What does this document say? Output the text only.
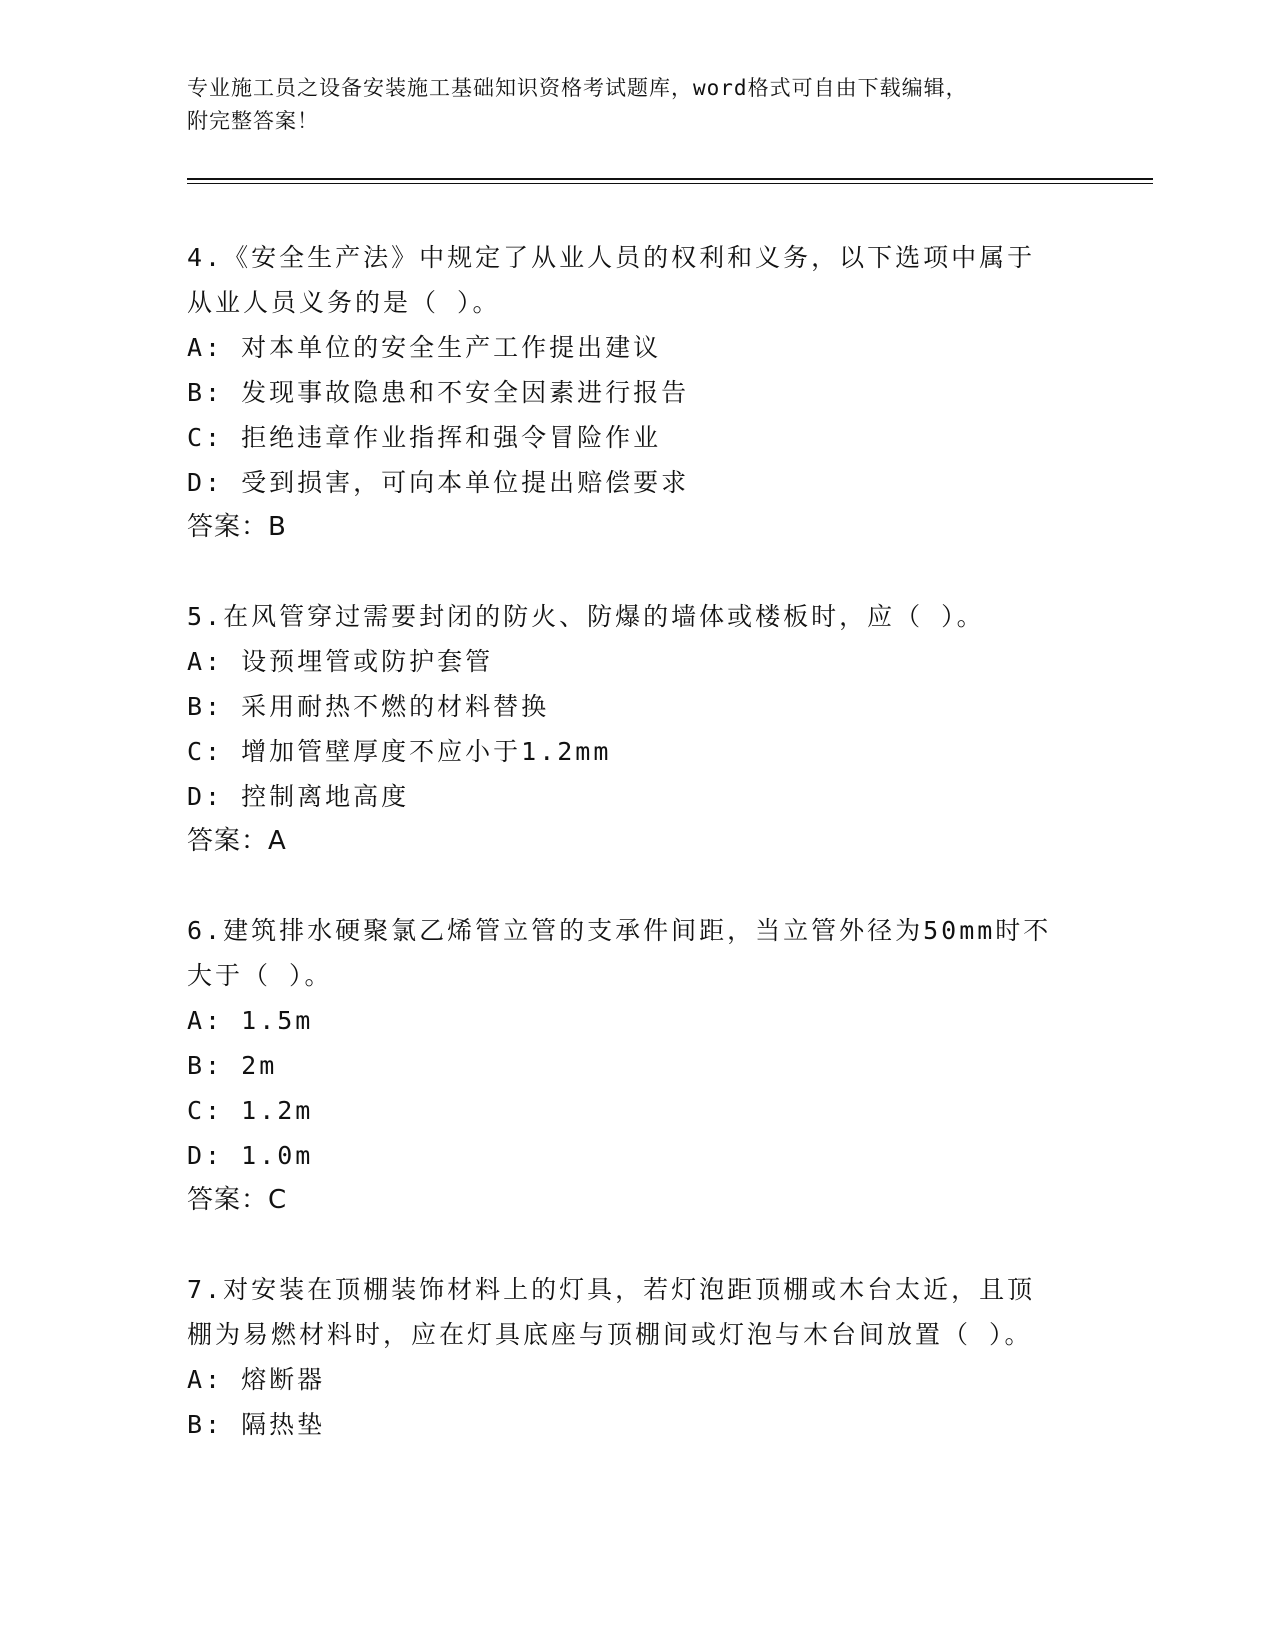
专业施工员之设备安装施工基础知识资格考试题库，word格式可自由下载编辑，
附完整答案！

4.《安全生产法》中规定了从业人员的权利和义务，以下选项中属于

从业人员义务的是（ ）。

A: 对本单位的安全生产工作提出建议

B: 发现事故隐患和不安全因素进行报告

C: 拒绝违章作业指挥和强令冒险作业

D: 受到损害，可向本单位提出赔偿要求

答案：B

5.在风管穿过需要封闭的防火、防爆的墙体或楼板时，应（ ）。

A: 设预埋管或防护套管

B: 采用耐热不燃的材料替换

C: 增加管壁厚度不应小于1.2mm

D: 控制离地高度

答案：A

6.建筑排水硬聚氯乙烯管立管的支承件间距，当立管外径为50mm时不

大于（ ）。

A: 1.5m

B: 2m

C: 1.2m

D: 1.0m

答案：C

7.对安装在顶棚装饰材料上的灯具，若灯泡距顶棚或木台太近，且顶

棚为易燃材料时，应在灯具底座与顶棚间或灯泡与木台间放置（ ）。

A: 熔断器

B: 隔热垫
